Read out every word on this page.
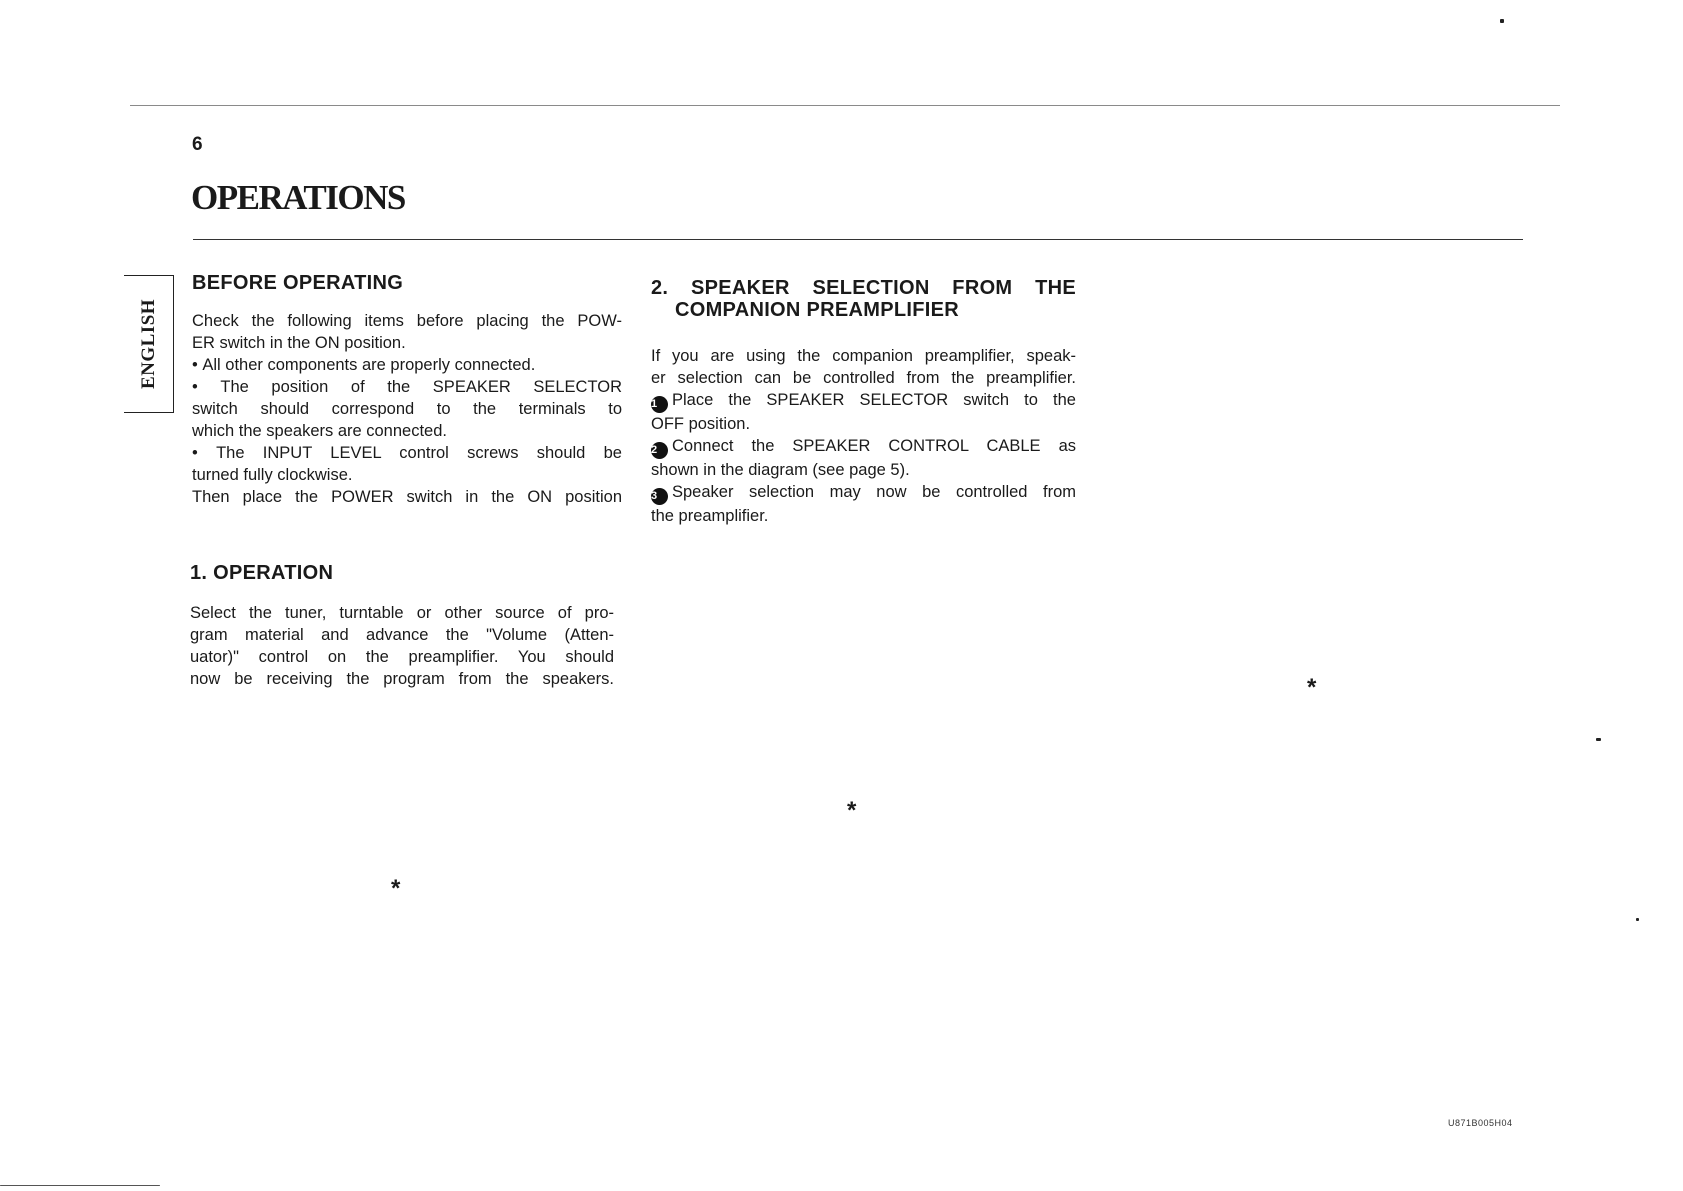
6
OPERATIONS
ENGLISH
BEFORE OPERATING

Check the following items before placing the POW-

ER switch in the ON position.

• All other components are properly connected.

• The position of the SPEAKER SELECTOR

switch should correspond to the terminals to

which the speakers are connected.

• The INPUT LEVEL control screws should be

turned fully clockwise.

Then place the POWER switch in the ON position

1. OPERATION

Select the tuner, turntable or other source of pro-

gram material and advance the "Volume (Atten-

uator)" control on the preamplifier. You should

now be receiving the program from the speakers.

2. SPEAKER SELECTION FROM THE
COMPANION PREAMPLIFIER

If you are using the companion preamplifier, speak-

er selection can be controlled from the preamplifier.

1 Place the SPEAKER SELECTOR switch to the

OFF position.

2 Connect the SPEAKER CONTROL CABLE as

shown in the diagram (see page 5).

3 Speaker selection may now be controlled from

the preamplifier.

*
*
*
U871B005H04
